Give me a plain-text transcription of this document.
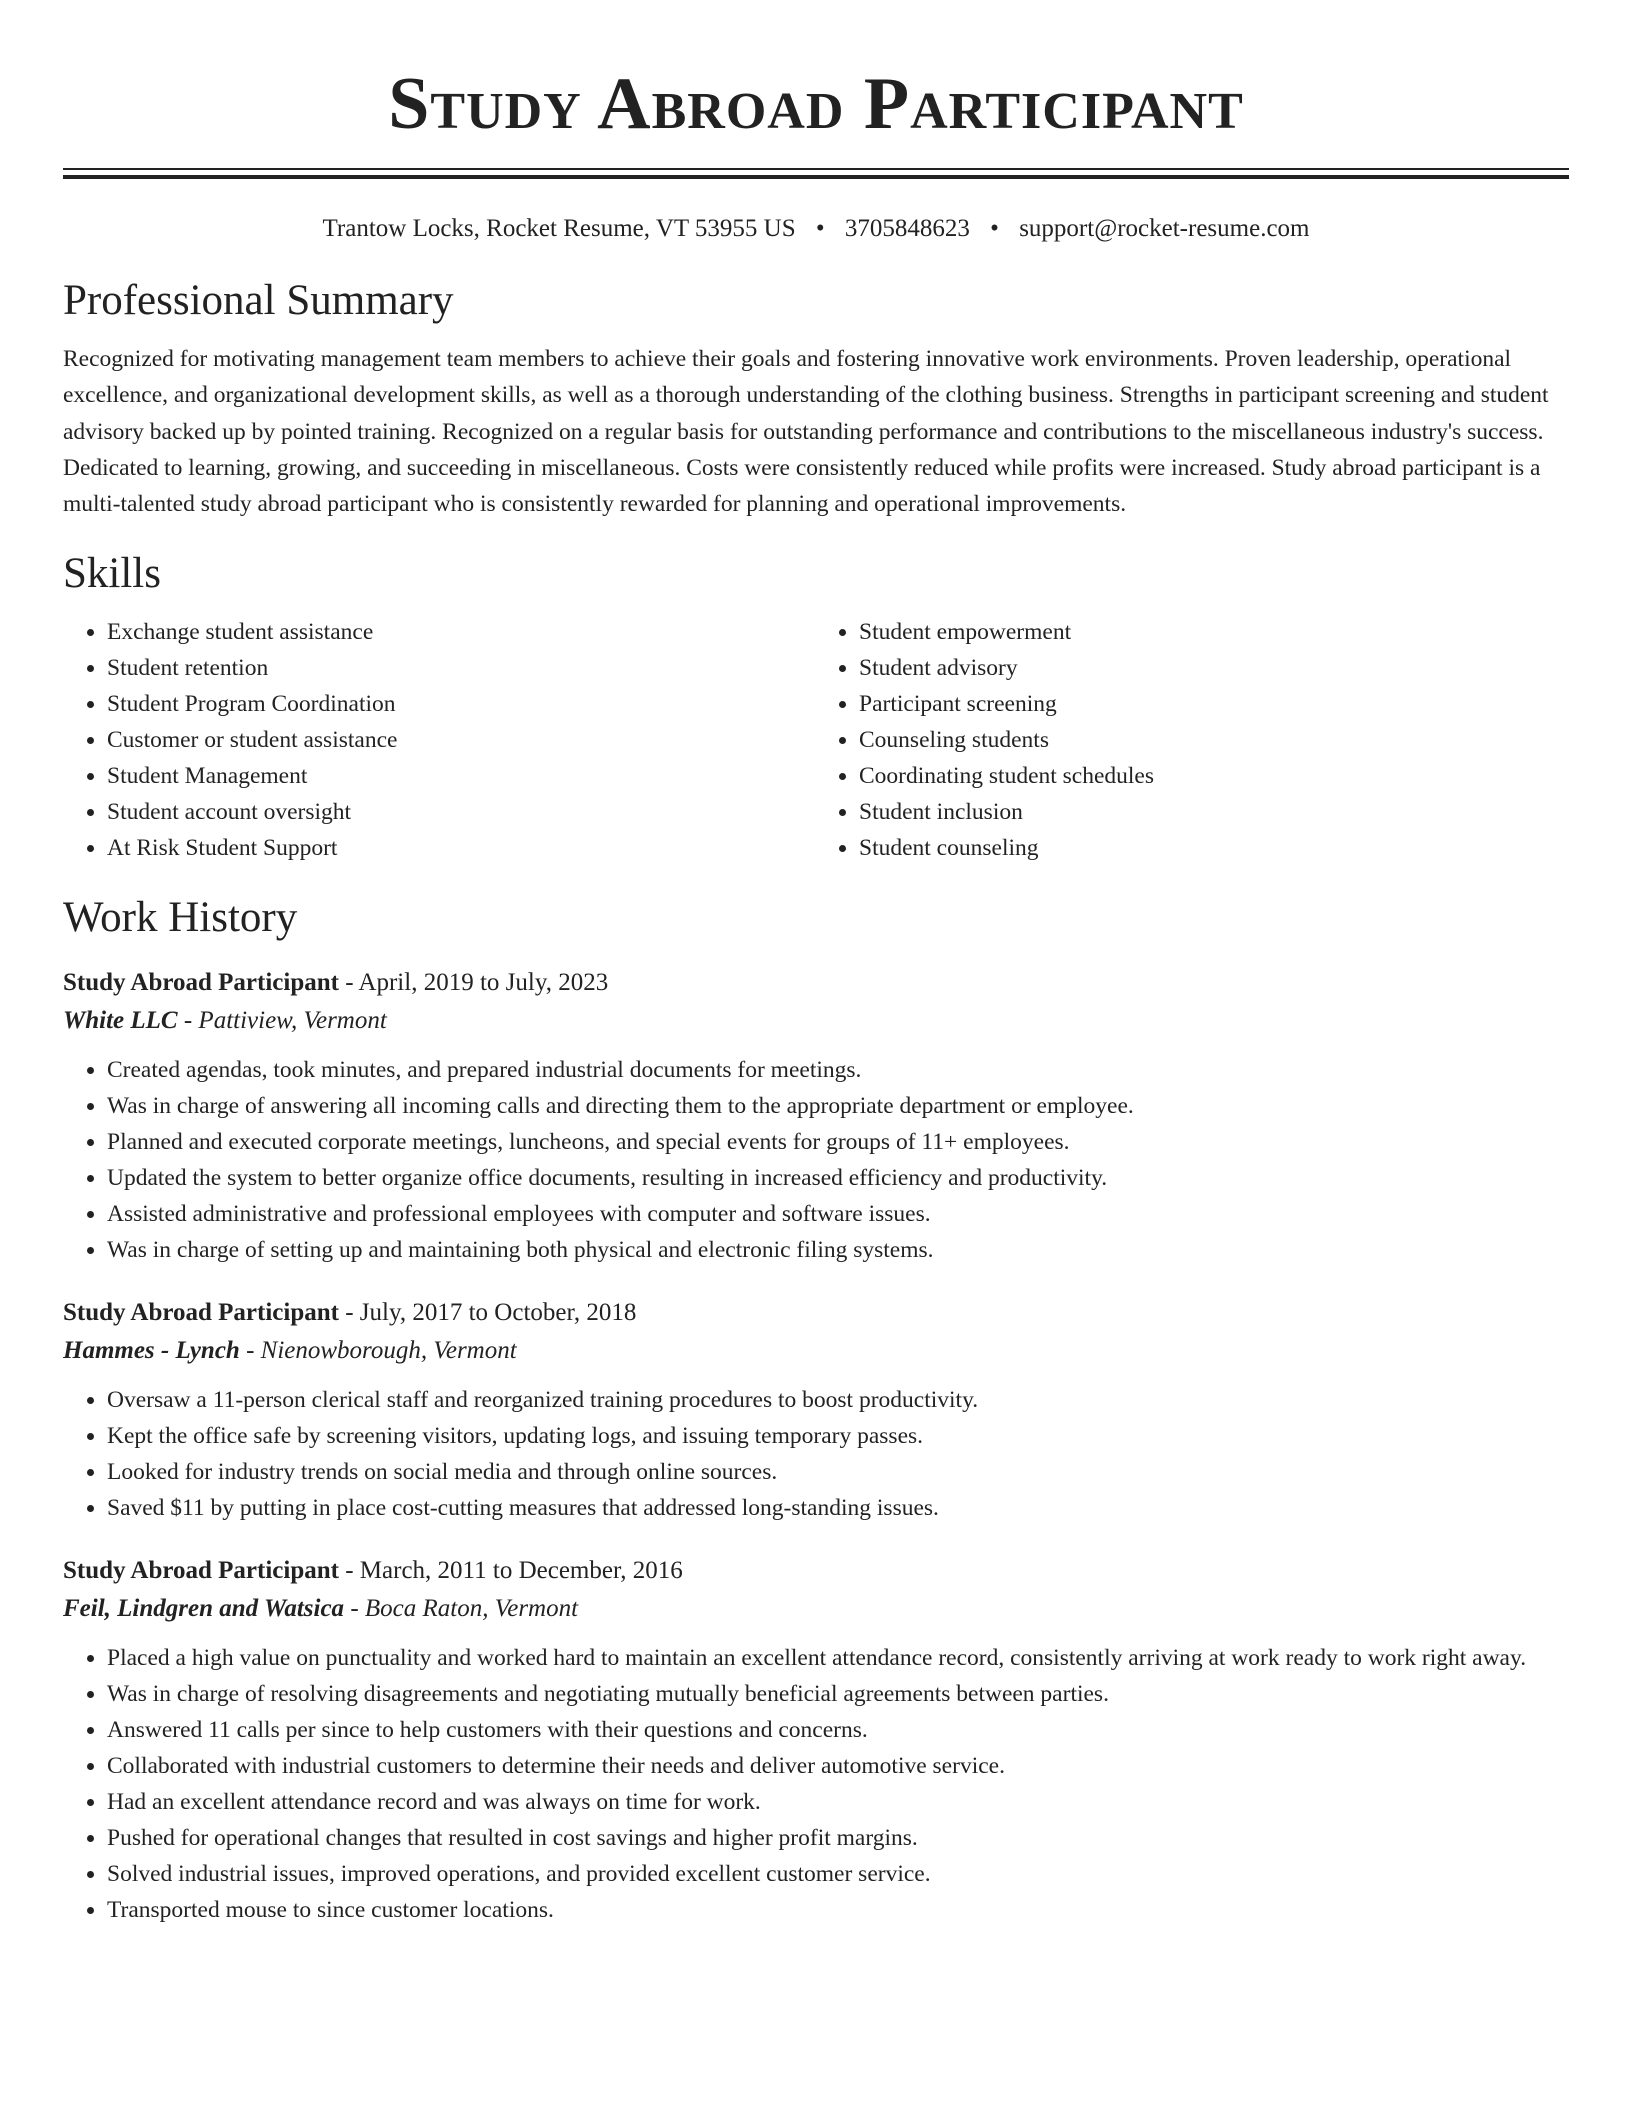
Study Abroad Participant
Trantow Locks, Rocket Resume, VT 53955 US • 3705848623 • support@rocket-resume.com
Professional Summary
Recognized for motivating management team members to achieve their goals and fostering innovative work environments. Proven leadership, operational excellence, and organizational development skills, as well as a thorough understanding of the clothing business. Strengths in participant screening and student advisory backed up by pointed training. Recognized on a regular basis for outstanding performance and contributions to the miscellaneous industry's success. Dedicated to learning, growing, and succeeding in miscellaneous. Costs were consistently reduced while profits were increased. Study abroad participant is a multi-talented study abroad participant who is consistently rewarded for planning and operational improvements.
Skills
• Exchange student assistance
• Student retention
• Student Program Coordination
• Customer or student assistance
• Student Management
• Student account oversight
• At Risk Student Support
• Student empowerment
• Student advisory
• Participant screening
• Counseling students
• Coordinating student schedules
• Student inclusion
• Student counseling
Work History
Study Abroad Participant - April, 2019 to July, 2023
White LLC - Pattiview, Vermont
• Created agendas, took minutes, and prepared industrial documents for meetings.
• Was in charge of answering all incoming calls and directing them to the appropriate department or employee.
• Planned and executed corporate meetings, luncheons, and special events for groups of 11+ employees.
• Updated the system to better organize office documents, resulting in increased efficiency and productivity.
• Assisted administrative and professional employees with computer and software issues.
• Was in charge of setting up and maintaining both physical and electronic filing systems.
Study Abroad Participant - July, 2017 to October, 2018
Hammes - Lynch - Nienowborough, Vermont
• Oversaw a 11-person clerical staff and reorganized training procedures to boost productivity.
• Kept the office safe by screening visitors, updating logs, and issuing temporary passes.
• Looked for industry trends on social media and through online sources.
• Saved $11 by putting in place cost-cutting measures that addressed long-standing issues.
Study Abroad Participant - March, 2011 to December, 2016
Feil, Lindgren and Watsica - Boca Raton, Vermont
• Placed a high value on punctuality and worked hard to maintain an excellent attendance record, consistently arriving at work ready to work right away.
• Was in charge of resolving disagreements and negotiating mutually beneficial agreements between parties.
• Answered 11 calls per since to help customers with their questions and concerns.
• Collaborated with industrial customers to determine their needs and deliver automotive service.
• Had an excellent attendance record and was always on time for work.
• Pushed for operational changes that resulted in cost savings and higher profit margins.
• Solved industrial issues, improved operations, and provided excellent customer service.
• Transported mouse to since customer locations.
